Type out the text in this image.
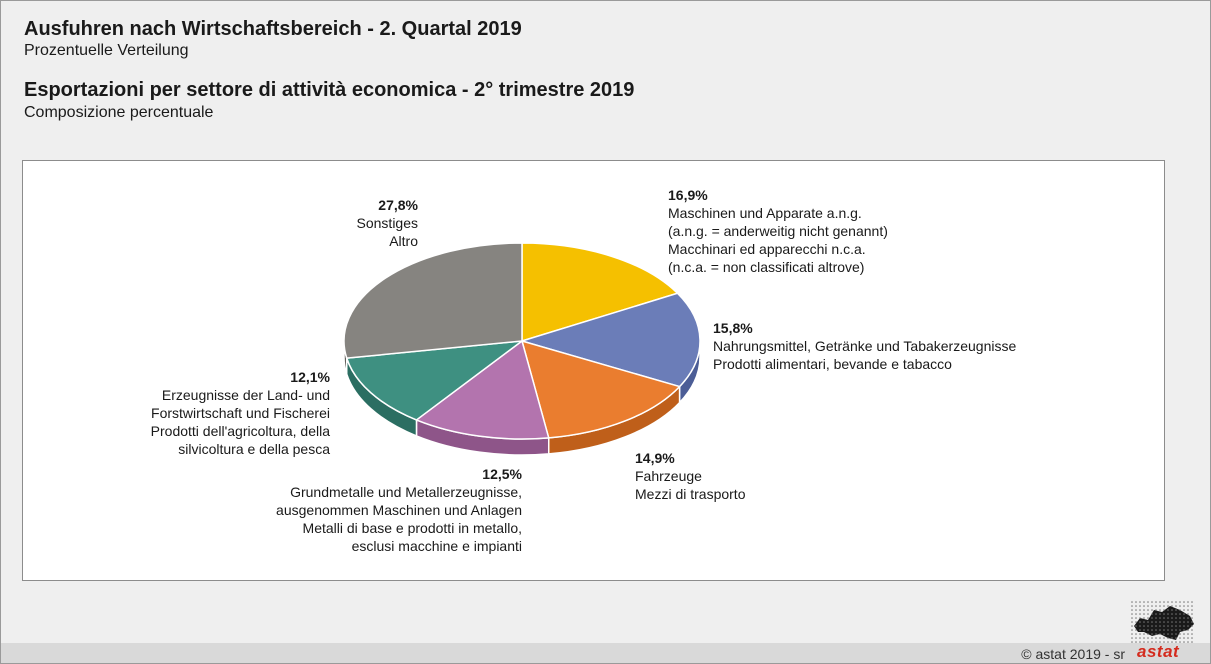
Ausfuhren nach Wirtschaftsbereich - 2. Quartal 2019
Prozentuelle Verteilung
Esportazioni per settore di attività economica - 2° trimestre 2019
Composizione percentuale
16,9%
Maschinen und Apparate a.n.g.
(a.n.g. = anderweitig nicht genannt)
Macchinari ed apparecchi n.c.a.
(n.c.a. = non classificati altrove)
15,8%
Nahrungsmittel, Getränke und Tabakerzeugnisse
Prodotti alimentari, bevande e tabacco
14,9%
Fahrzeuge
Mezzi di trasporto
12,5%
Grundmetalle und Metallerzeugnisse,
ausgenommen Maschinen und Anlagen
Metalli di base e prodotti in metallo,
esclusi macchine e impianti
12,1%
Erzeugnisse der Land- und
Forstwirtschaft und Fischerei
Prodotti dell'agricoltura, della
silvicoltura e della pesca
27,8%
Sonstiges
Altro
© astat 2019 - sr astat
